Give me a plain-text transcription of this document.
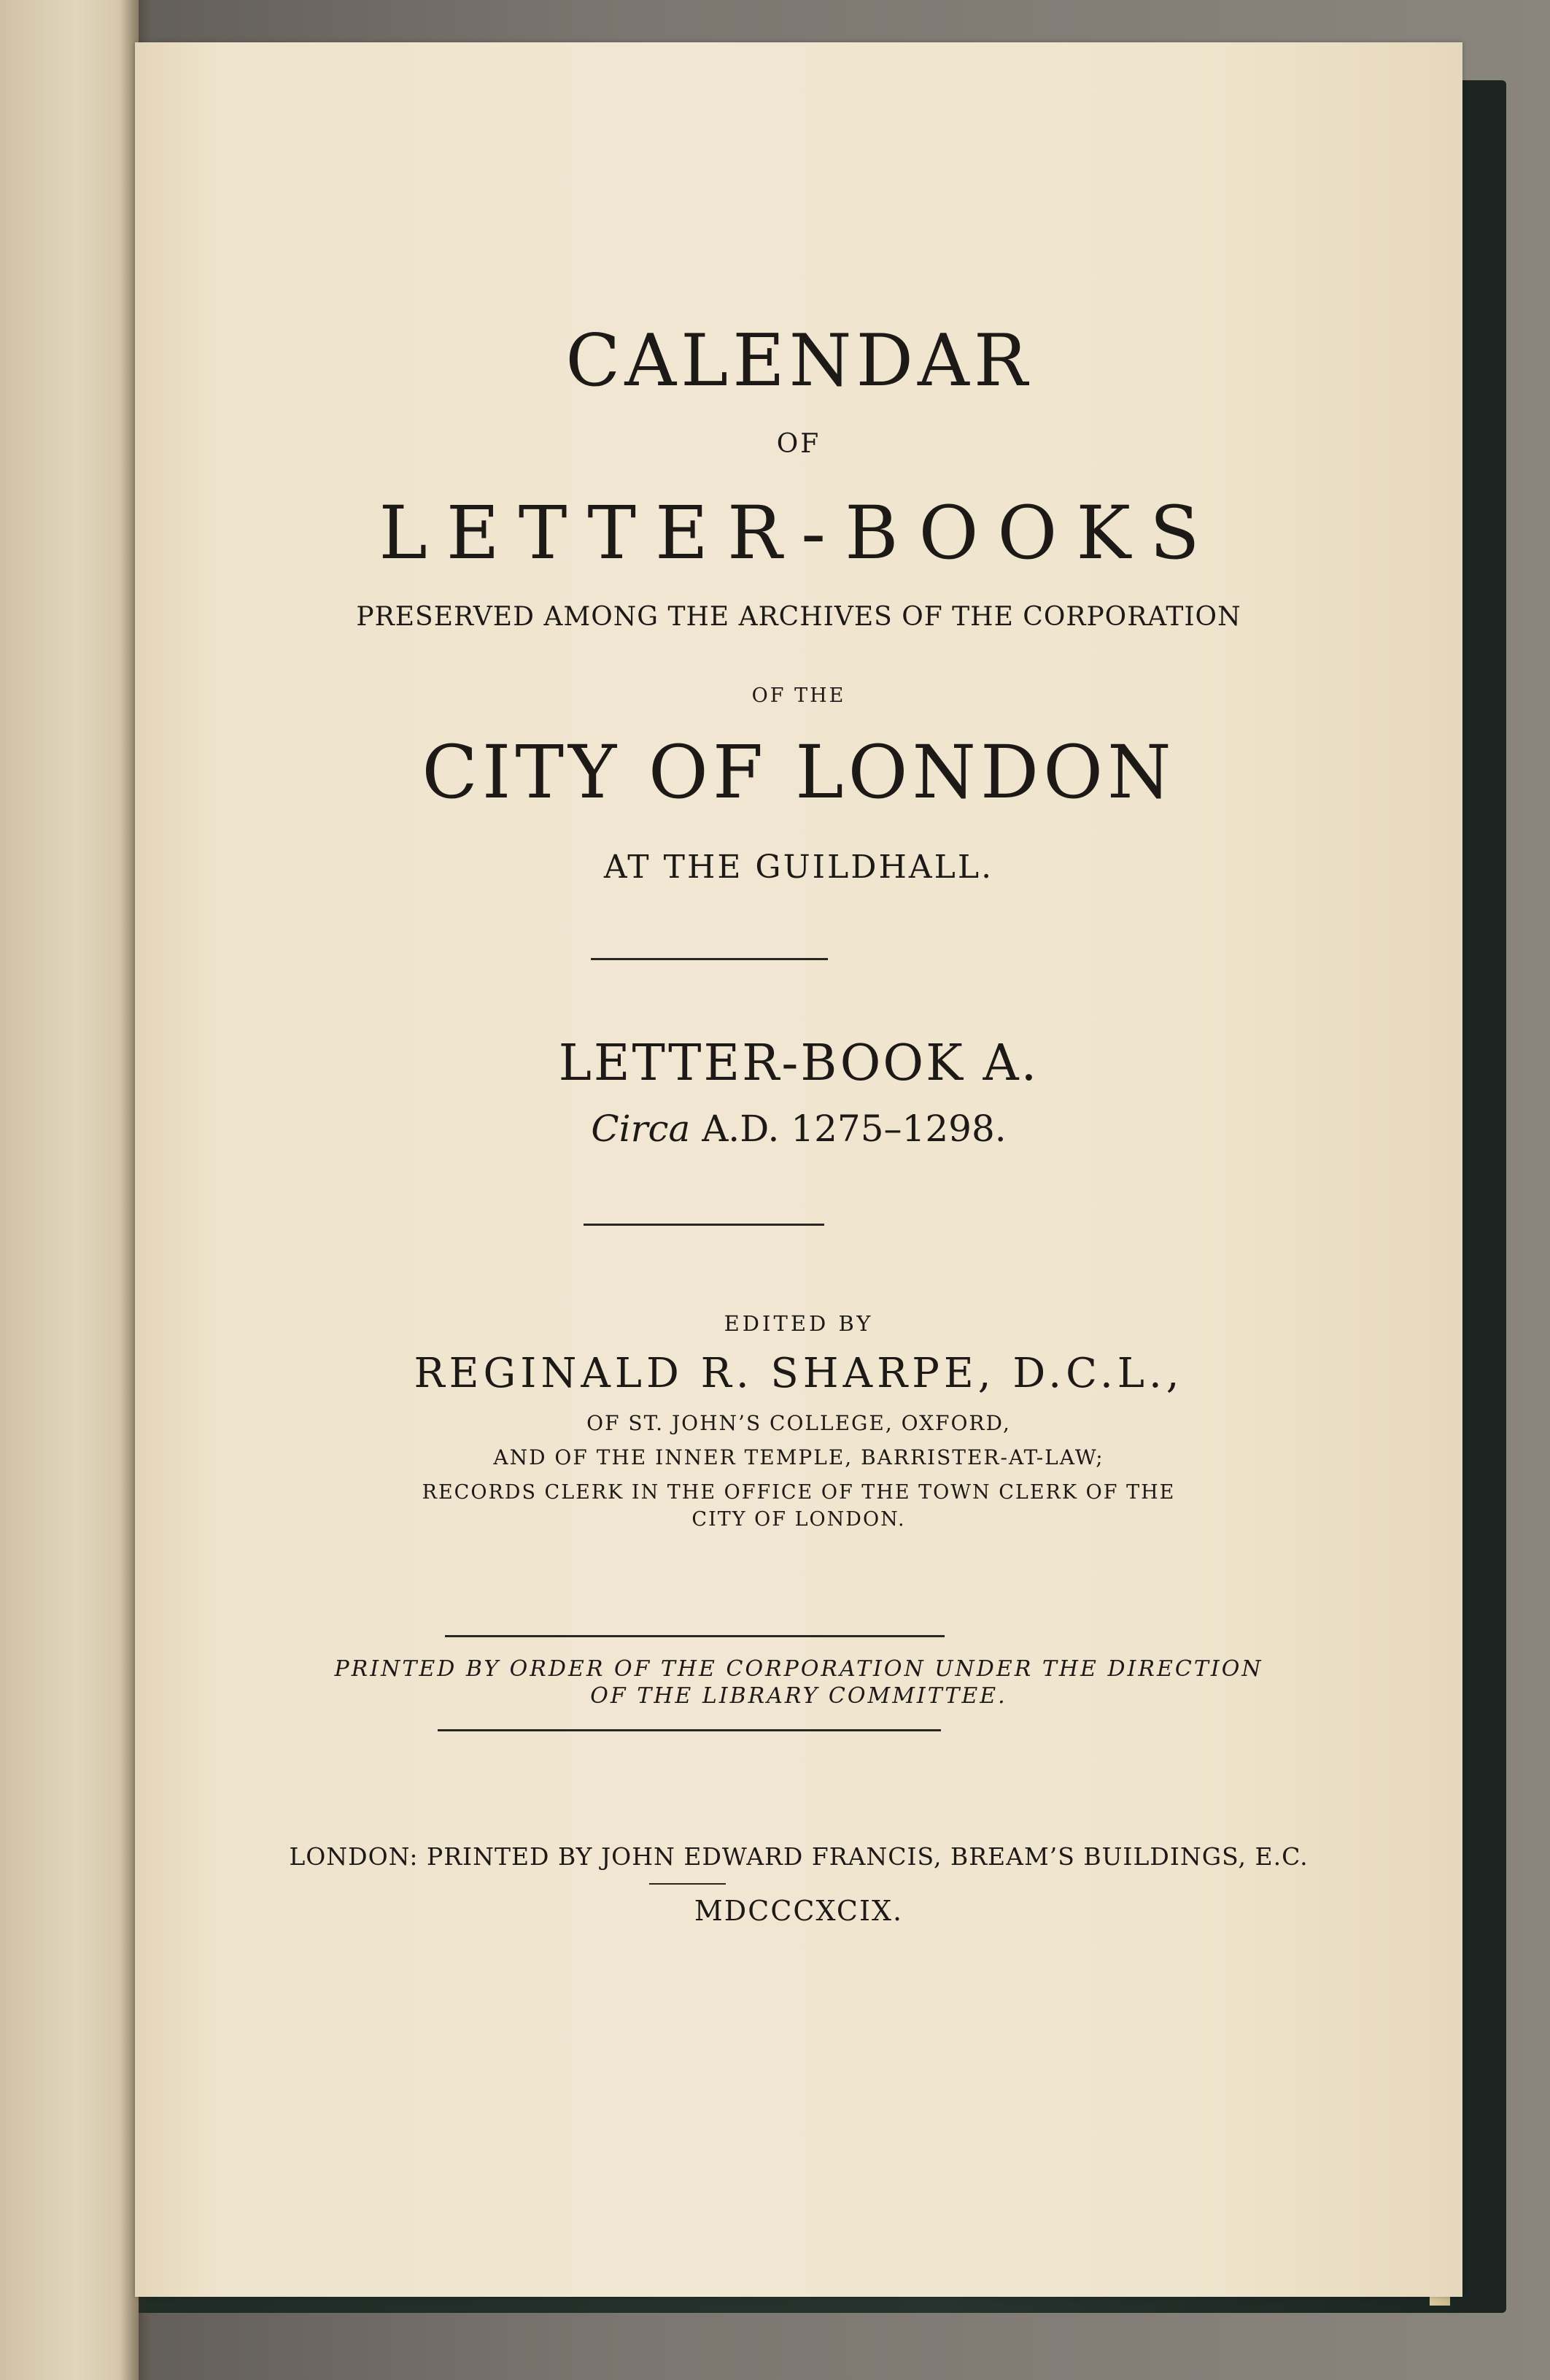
CALENDAR
OF
LETTER-BOOKS
PRESERVED AMONG THE ARCHIVES OF THE CORPORATION
OF THE
CITY OF LONDON
AT THE GUILDHALL.
LETTER-BOOK A.
Circa A.D. 1275–1298.
EDITED BY
REGINALD R. SHARPE, D.C.L.,
OF ST. JOHN’S COLLEGE, OXFORD,
AND OF THE INNER TEMPLE, BARRISTER-AT-LAW;
RECORDS CLERK IN THE OFFICE OF THE TOWN CLERK OF THE
CITY OF LONDON.
PRINTED BY ORDER OF THE CORPORATION UNDER THE DIRECTION
OF THE LIBRARY COMMITTEE.
LONDON: PRINTED BY JOHN EDWARD FRANCIS, BREAM’S BUILDINGS, E.C.
MDCCCXCIX.
